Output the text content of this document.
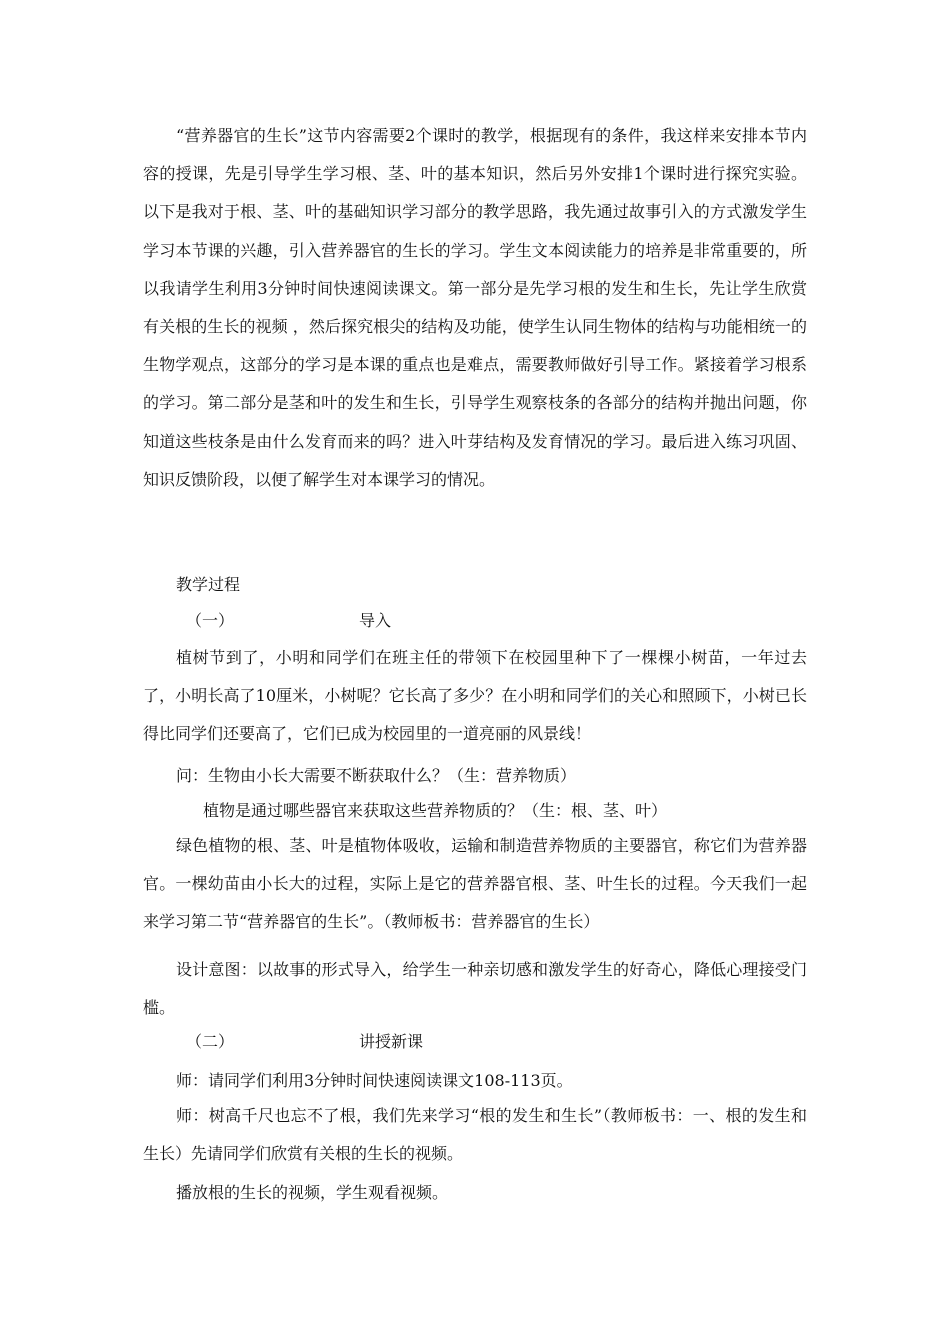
“营养器官的生长”这节内容需要2个课时的教学，根据现有的条件，我这样来安排本节内容的授课，先是引导学生学习根、茎、叶的基本知识，然后另外安排1个课时进行探究实验。以下是我对于根、茎、叶的基础知识学习部分的教学思路，我先通过故事引入的方式激发学生学习本节课的兴趣，引入营养器官的生长的学习。学生文本阅读能力的培养是非常重要的，所以我请学生利用3分钟时间快速阅读课文。第一部分是先学习根的发生和生长，先让学生欣赏有关根的生长的视频 ，然后探究根尖的结构及功能，使学生认同生物体的结构与功能相统一的生物学观点，这部分的学习是本课的重点也是难点，需要教师做好引导工作。紧接着学习根系的学习。第二部分是茎和叶的发生和生长，引导学生观察枝条的各部分的结构并抛出问题，你知道这些枝条是由什么发育而来的吗？进入叶芽结构及发育情况的学习。最后进入练习巩固、知识反馈阶段，以便了解学生对本课学习的情况。

教学过程

（一）	导入

植树节到了，小明和同学们在班主任的带领下在校园里种下了一棵棵小树苗，一年过去了，小明长高了10厘米，小树呢？它长高了多少？在小明和同学们的关心和照顾下，小树已长得比同学们还要高了，它们已成为校园里的一道亮丽的风景线！

问：生物由小长大需要不断获取什么？（生：营养物质）

植物是通过哪些器官来获取这些营养物质的？（生：根、茎、叶）

绿色植物的根、茎、叶是植物体吸收，运输和制造营养物质的主要器官，称它们为营养器官。一棵幼苗由小长大的过程，实际上是它的营养器官根、茎、叶生长的过程。今天我们一起来学习第二节“营养器官的生长”。（教师板书：营养器官的生长）

设计意图：以故事的形式导入，给学生一种亲切感和激发学生的好奇心，降低心理接受门槛。

（二）	讲授新课

师：请同学们利用3分钟时间快速阅读课文108-113页。

师：树高千尺也忘不了根，我们先来学习“根的发生和生长”（教师板书：一、根的发生和生长）先请同学们欣赏有关根的生长的视频。

播放根的生长的视频，学生观看视频。
